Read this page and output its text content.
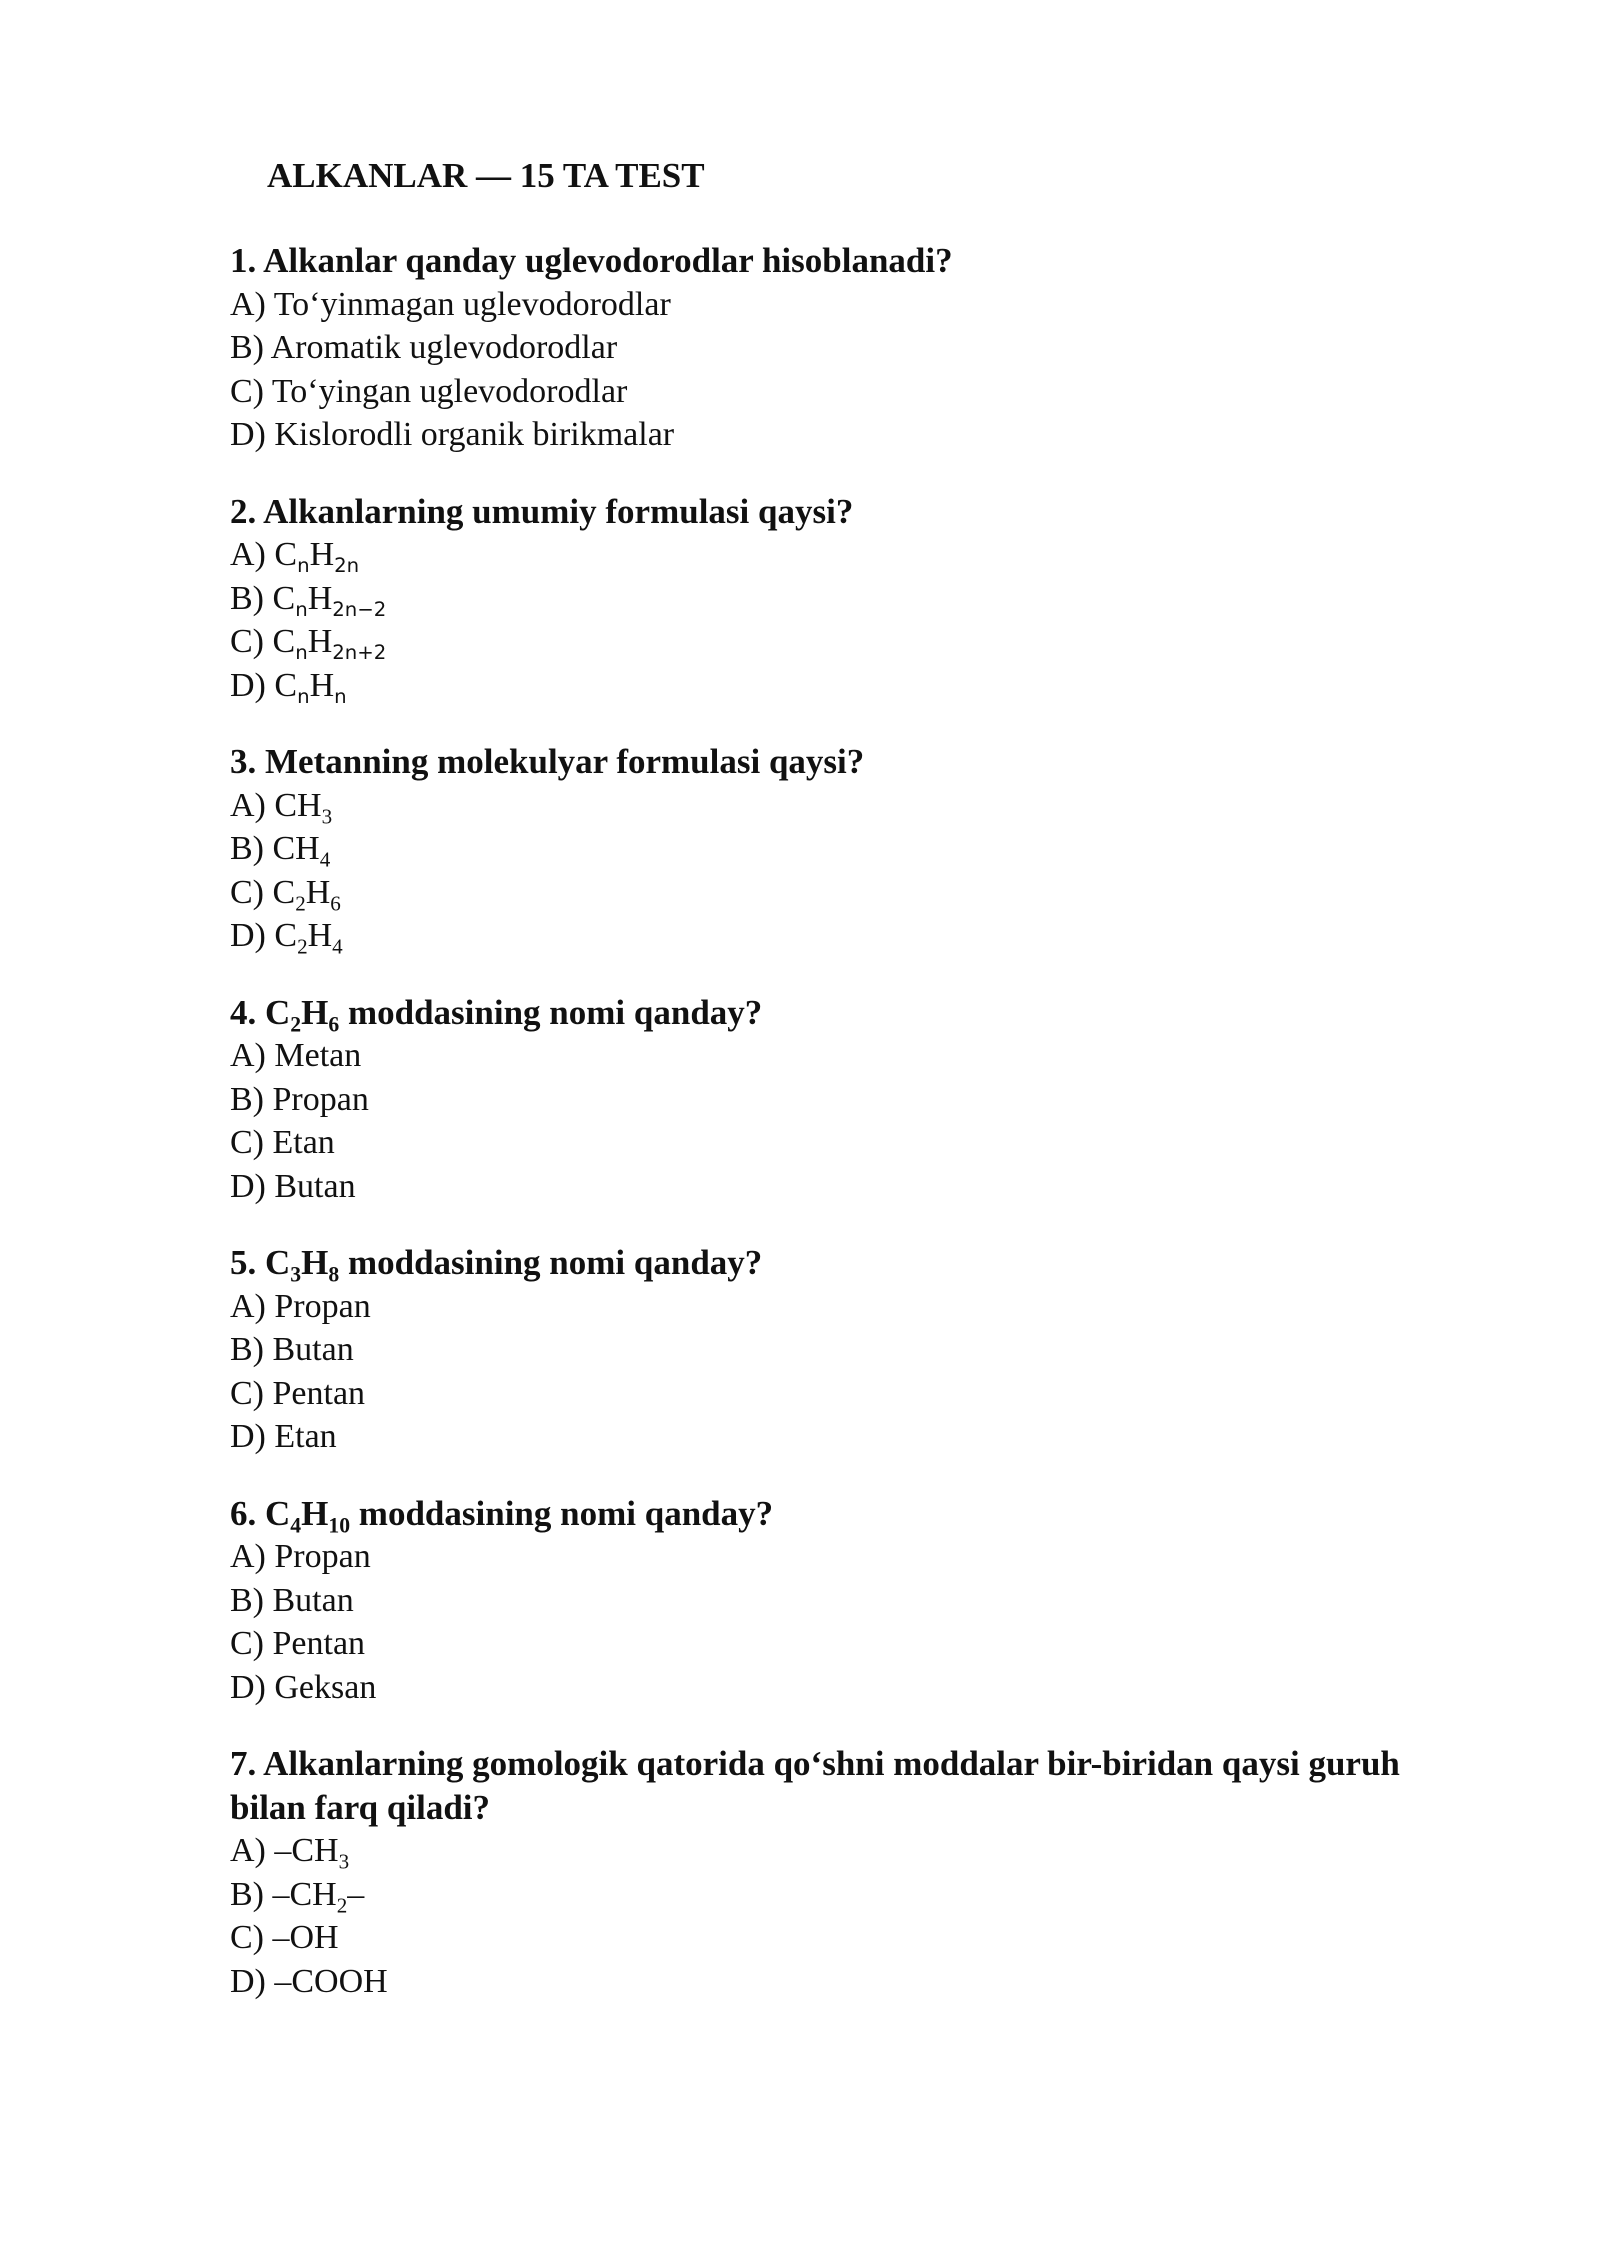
ALKANLAR — 15 TA TEST

1. Alkanlar qanday uglevodorodlar hisoblanadi?

A) To‘yinmagan uglevodorodlar
B) Aromatik uglevodorodlar
C) To‘yingan uglevodorodlar
D) Kislorodli organik birikmalar

2. Alkanlarning umumiy formulasi qaysi?

A) $C_nH_{2n}$
B) $C_nH_{2n-2}$
C) $C_nH_{2n+2}$
D) $C_nH_n$

3. Metanning molekulyar formulasi qaysi?

A) $CH_3$
B) $CH_4$
C) $C_2H_6$
D) $C_2H_4$

4. $C_2H_6$ moddasining nomi qanday?

A) Metan
B) Propan
C) Etan
D) Butan

5. $C_3H_8$ moddasining nomi qanday?

A) Propan
B) Butan
C) Pentan
D) Etan

6. $C_4H_{10}$ moddasining nomi qanday?

A) Propan
B) Butan
C) Pentan
D) Geksan

7. Alkanlarning gomologik qatorida qo‘shni moddalar bir-biridan qaysi guruh bilan farq qiladi?

A) $-CH_3$
B) $-CH_2-$
C) –OH
D) –COOH
